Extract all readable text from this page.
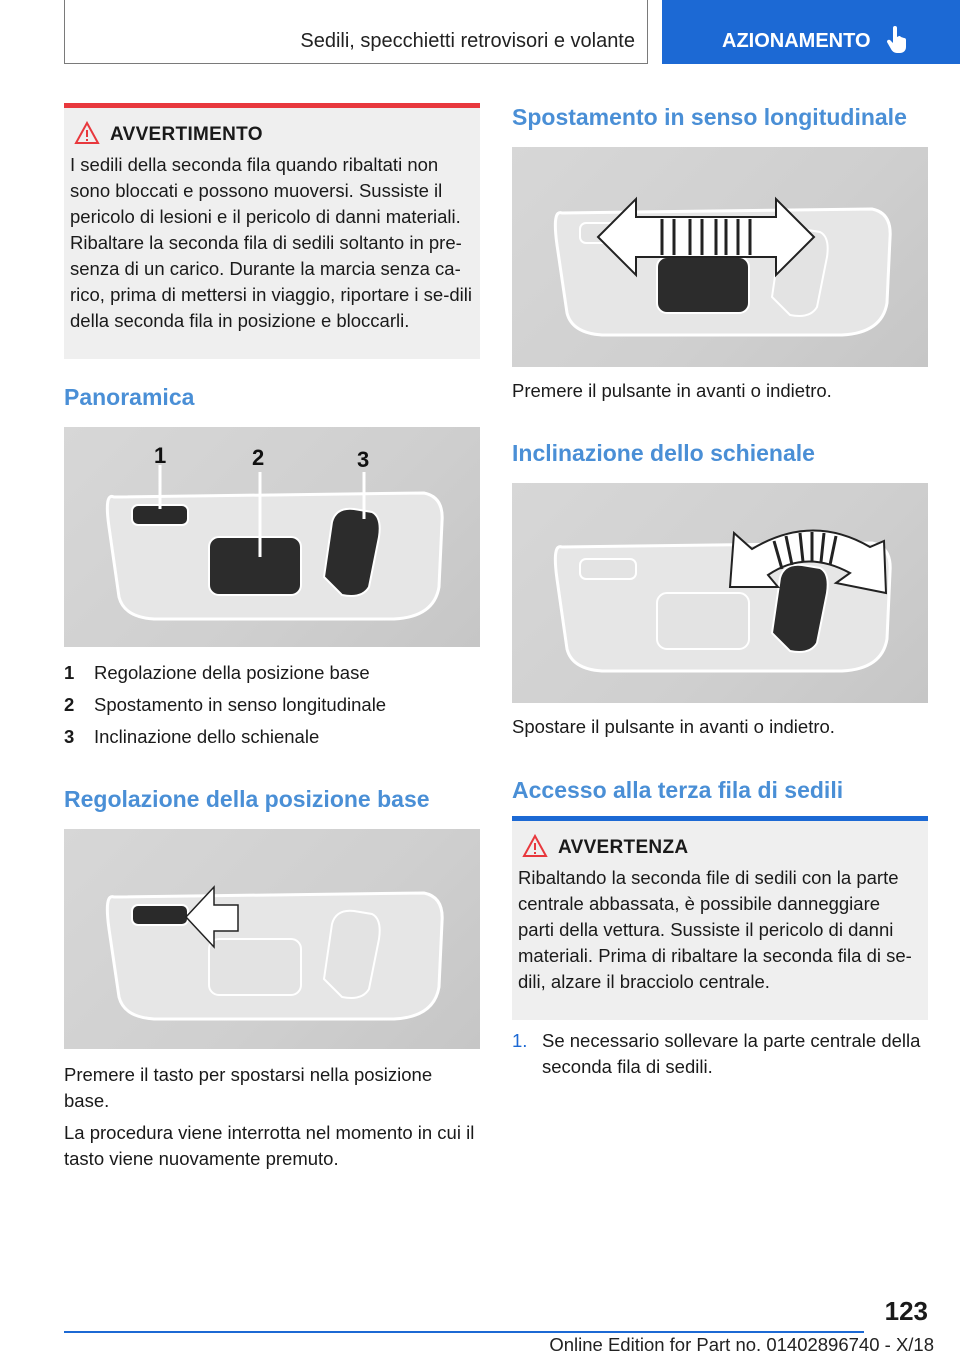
Sedili, specchietti retrovisori e volante	AZIONAMENTO
AVVERTIMENTO
I sedili della seconda fila quando ribaltati non sono bloccati e possono muoversi. Sussiste il pericolo di lesioni e il pericolo di danni materiali. Ribaltare la seconda fila di sedili soltanto in pre-senza di un carico. Durante la marcia senza ca-rico, prima di mettersi in viaggio, riportare i se-dili della seconda fila in posizione e bloccarli.
Panoramica
1	2	3
1 Regolazione della posizione base
2 Spostamento in senso longitudinale
3 Inclinazione dello schienale
Regolazione della posizione base

Premere il tasto per spostarsi nella posizione base.

La procedura viene interrotta nel momento in cui il tasto viene nuovamente premuto.

Spostamento in senso longitudinale

Premere il pulsante in avanti o indietro.

Inclinazione dello schienale

Spostare il pulsante in avanti o indietro.

Accesso alla terza fila di sedili
AVVERTENZA
Ribaltando la seconda file di sedili con la parte centrale abbassata, è possibile danneggiare parti della vettura. Sussiste il pericolo di danni materiali. Prima di ribaltare la seconda fila di se-dili, alzare il bracciolo centrale.
1. Se necessario sollevare la parte centrale della seconda fila di sedili.
123
Online Edition for Part no. 01402896740 - X/18
